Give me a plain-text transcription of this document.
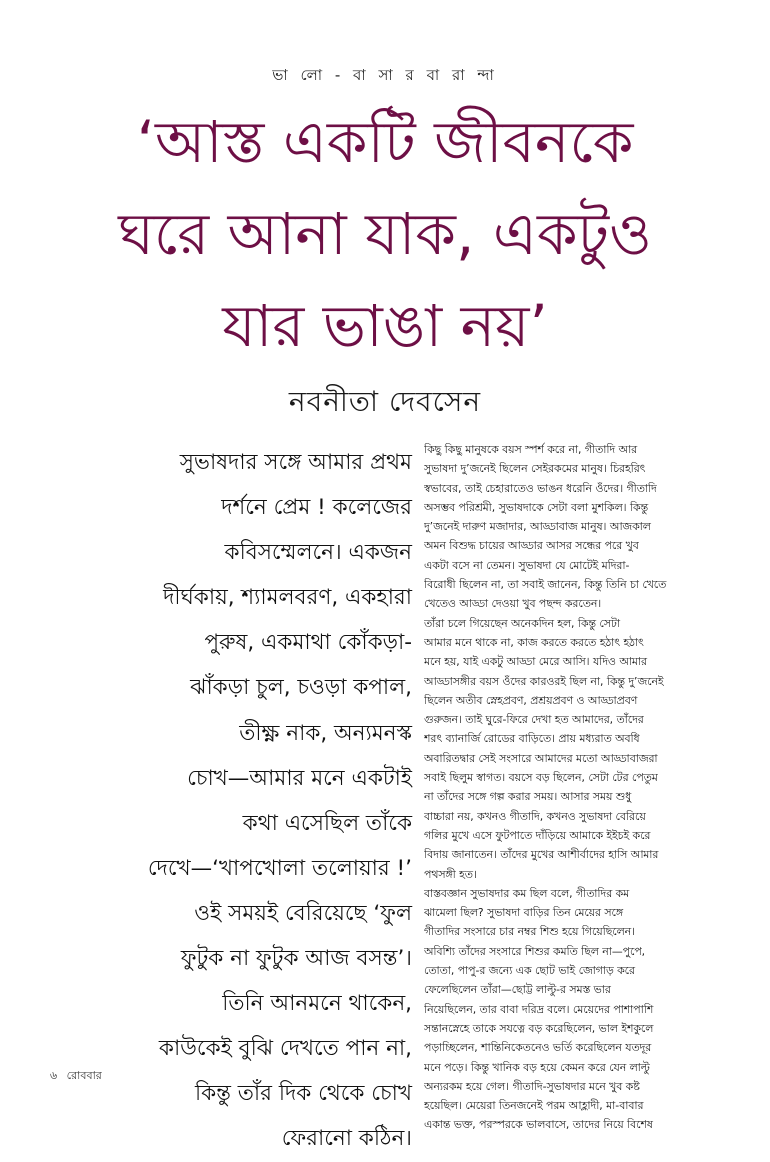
ভা লো - বা সা র বা রা ন্দা
‘আস্ত একটি জীবনকে
ঘরে আনা যাক, একটুও
যার ভাঙা নয়’
নবনীতা দেবসেন
সুভাষদার সঙ্গে আমার প্রথম
দর্শনে প্রেম ! কলেজের
কবিসম্মেলনে। একজন
দীর্ঘকায়, শ্যামলবরণ, একহারা
পুরুষ, একমাথা কোঁকড়া-
ঝাঁকড়া চুল, চওড়া কপাল,
তীক্ষ্ণ নাক, অন্যমনস্ক
চোখ—আমার মনে একটাই
কথা এসেছিল তাঁকে
দেখে—‘খাপখোলা তলোয়ার !’
ওই সময়ই বেরিয়েছে ‘ফুল
ফুটুক না ফুটুক আজ বসন্ত’।
তিনি আনমনে থাকেন,
কাউকেই বুঝি দেখতে পান না,
কিন্তু তাঁর দিক থেকে চোখ
ফেরানো কঠিন।
কিছু কিছু মানুষকে বয়স স্পর্শ করে না, গীতাদি আর
সুভাষদা দু’জনেই ছিলেন সেইরকমের মানুষ। চিরহরিৎ
স্বভাবের, তাই চেহারাতেও ভাঙন ধরেনি ওঁদের। গীতাদি
অসম্ভব পরিশ্রমী, সুভাষদাকে সেটা বলা মুশকিল। কিন্তু
দু’জনেই দারুণ মজাদার, আড্ডাবাজ মানুষ। আজকাল
অমন বিশুদ্ধ চায়ের আড্ডার আসর সন্ধের পরে খুব
একটা বসে না তেমন। সুভাষদা যে মোটেই মদিরা-
বিরোধী ছিলেন না, তা সবাই জানেন, কিন্তু তিনি চা খেতে
খেতেও আড্ডা দেওয়া খুব পছন্দ করতেন।
তাঁরা চলে গিয়েছেন অনেকদিন হল, কিন্তু সেটা
আমার মনে থাকে না, কাজ করতে করতে হঠাৎ হঠাৎ
মনে হয়, যাই একটু আড্ডা মেরে আসি। যদিও আমার
আড্ডাসঙ্গীর বয়স ওঁদের কারওরই ছিল না, কিন্তু দু’জনেই
ছিলেন অতীব স্নেহপ্রবণ, প্রশ্রয়প্রবণ ও আড্ডাপ্রবণ
গুরুজন। তাই ঘুরে-ফিরে দেখা হত আমাদের, তাঁদের
শরৎ ব্যানার্জি রোডের বাড়িতে। প্রায় মধ্যরাত অবধি
অবারিতদ্বার সেই সংসারে আমাদের মতো আড্ডাবাজরা
সবাই ছিলুম স্বাগত। বয়সে বড় ছিলেন, সেটা টের পেতুম
না তাঁদের সঙ্গে গল্প করার সময়। আসার সময় শুধু
বাচ্চারা নয়, কখনও গীতাদি, কখনও সুভাষদা বেরিয়ে
গলির মুখে এসে ফুটপাতে দাঁড়িয়ে আমাকে ইইচই করে
বিদায় জানাতেন। তাঁদের মুখের আশীর্বাদের হাসি আমার
পথসঙ্গী হত।
বাস্তবজ্ঞান সুভাষদার কম ছিল বলে, গীতাদির কম
ঝামেলা ছিল? সুভাষদা বাড়ির তিন মেয়ের সঙ্গে
গীতাদির সংসারে চার নম্বর শিশু হয়ে গিয়েছিলেন।
অবিশ্যি তাঁদের সংসারে শিশুর কমতি ছিল না—পুপে,
তোতা, পাপু-র জন্যে এক ছোট ভাই জোগাড় করে
ফেলেছিলেন তাঁরা—ছোট্ট লাল্টু-র সমস্ত ভার
নিয়েছিলেন, তার বাবা দরিদ্র বলে। মেয়েদের পাশাপাশি
সন্তানস্নেহে তাকে সযত্নে বড় করেছিলেন, ভাল ইশকুলে
পড়াচ্ছিলেন, শান্তিনিকেতনেও ভর্তি করেছিলেন যতদূর
মনে পড়ে। কিন্তু খানিক বড় হয়ে কেমন করে যেন লাল্টু
অন্যরকম হয়ে গেল। গীতাদি-সুভাষদার মনে খুব কষ্ট
হয়েছিল। মেয়েরা তিনজনেই পরম আহ্লাদী, মা-বাবার
একান্ত ভক্ত, পরস্পরকে ভালবাসে, তাদের নিয়ে বিশেষ
৬ রোববার
